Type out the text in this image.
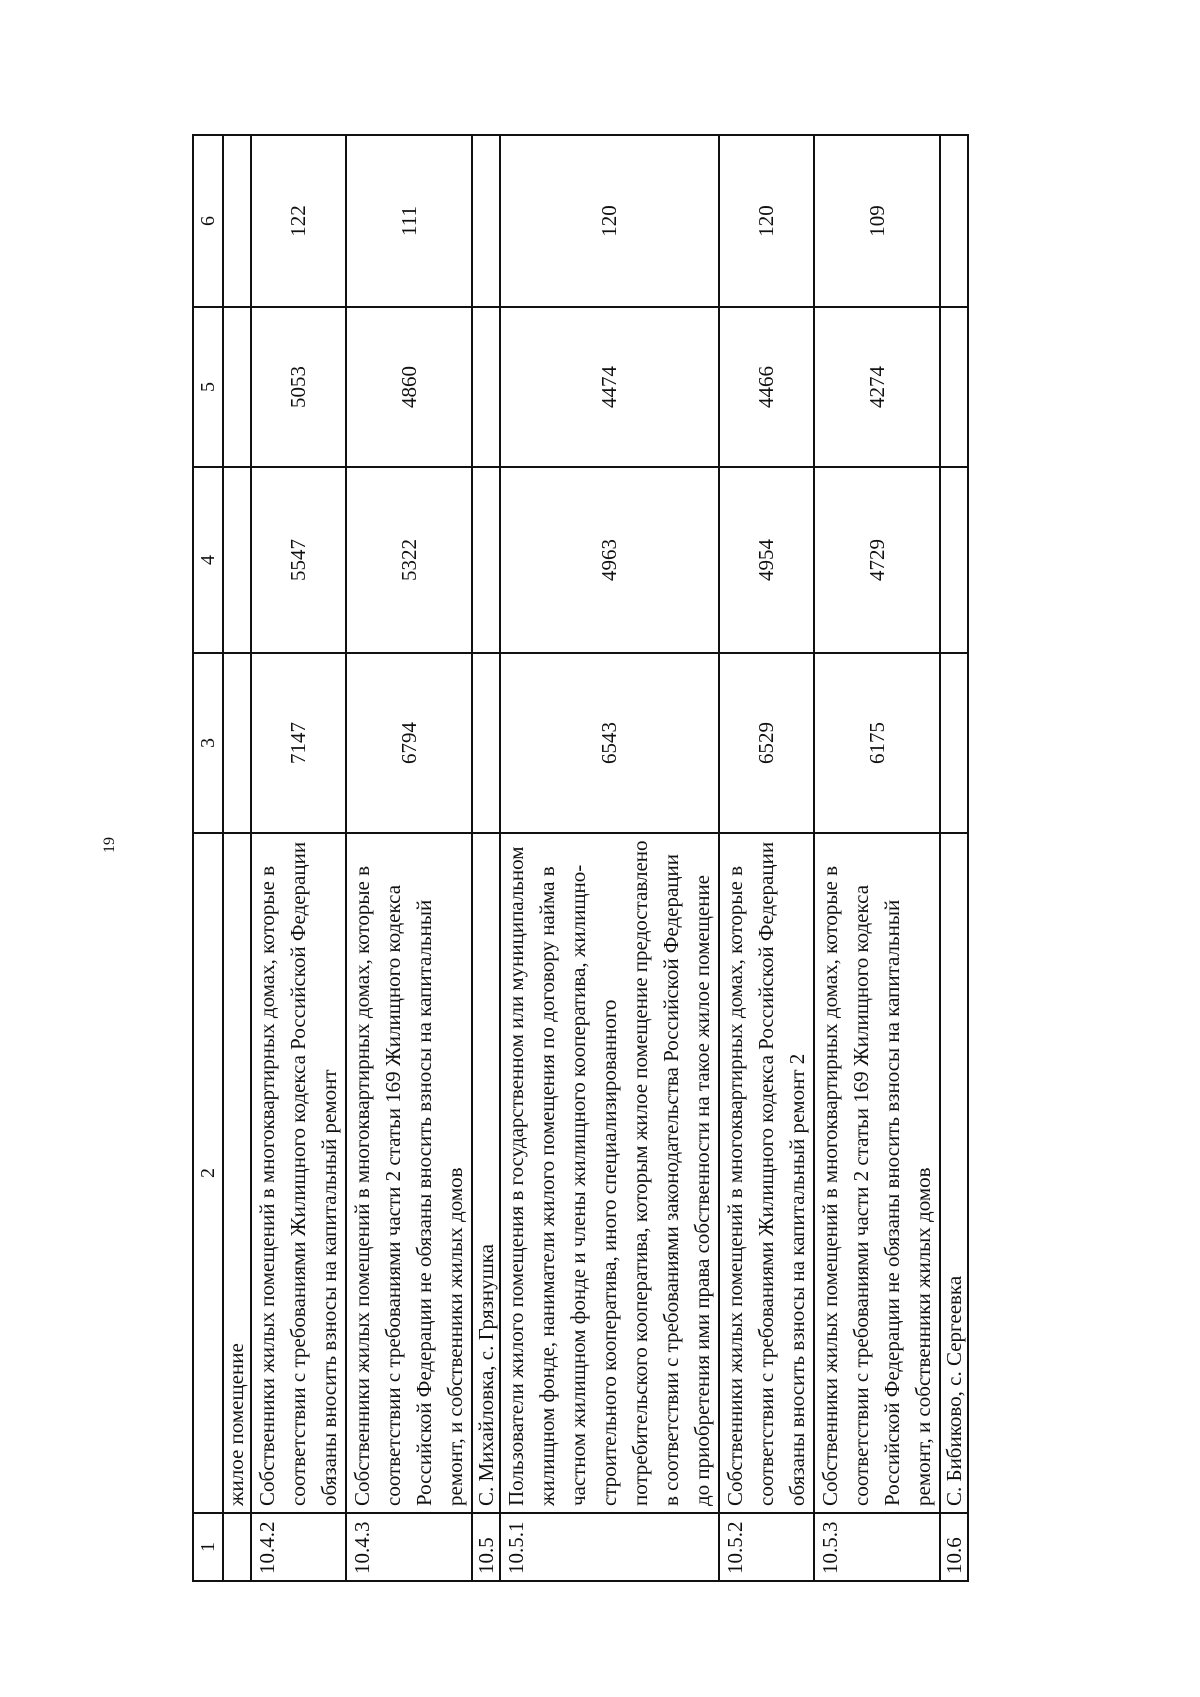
19
1	2	3	4	5	6
	жилое помещение				
10.4.2	Собственники жилых помещений в многоквартирных домах, которые в соответствии с требованиями Жилищного кодекса Российской Федерации обязаны вносить взносы на капитальный ремонт	7147	5547	5053	122
10.4.3	Собственники жилых помещений в многоквартирных домах, которые в соответствии с требованиями части 2 статьи 169 Жилищного кодекса Российской Федерации не обязаны вносить взносы на капитальный ремонт, и собственники жилых домов	6794	5322	4860	111
10.5	С. Михайловка, с. Грязнушка				
10.5.1	Пользователи жилого помещения в государственном или муниципальном жилищном фонде, наниматели жилого помещения по договору найма в частном жилищном фонде и члены жилищного кооператива, жилищно-строительного кооператива, иного специализированного потребительского кооператива, которым жилое помещение предоставлено в соответствии с требованиями законодательства Российской Федерации до приобретения ими права собственности на такое жилое помещение	6543	4963	4474	120
10.5.2	Собственники жилых помещений в многоквартирных домах, которые в соответствии с требованиями Жилищного кодекса Российской Федерации обязаны вносить взносы на капитальный ремонт 2	6529	4954	4466	120
10.5.3	Собственники жилых помещений в многоквартирных домах, которые в соответствии с требованиями части 2 статьи 169 Жилищного кодекса Российской Федерации не обязаны вносить взносы на капитальный ремонт, и собственники жилых домов	6175	4729	4274	109
10.6	С. Бибиково, с. Сергеевка				
